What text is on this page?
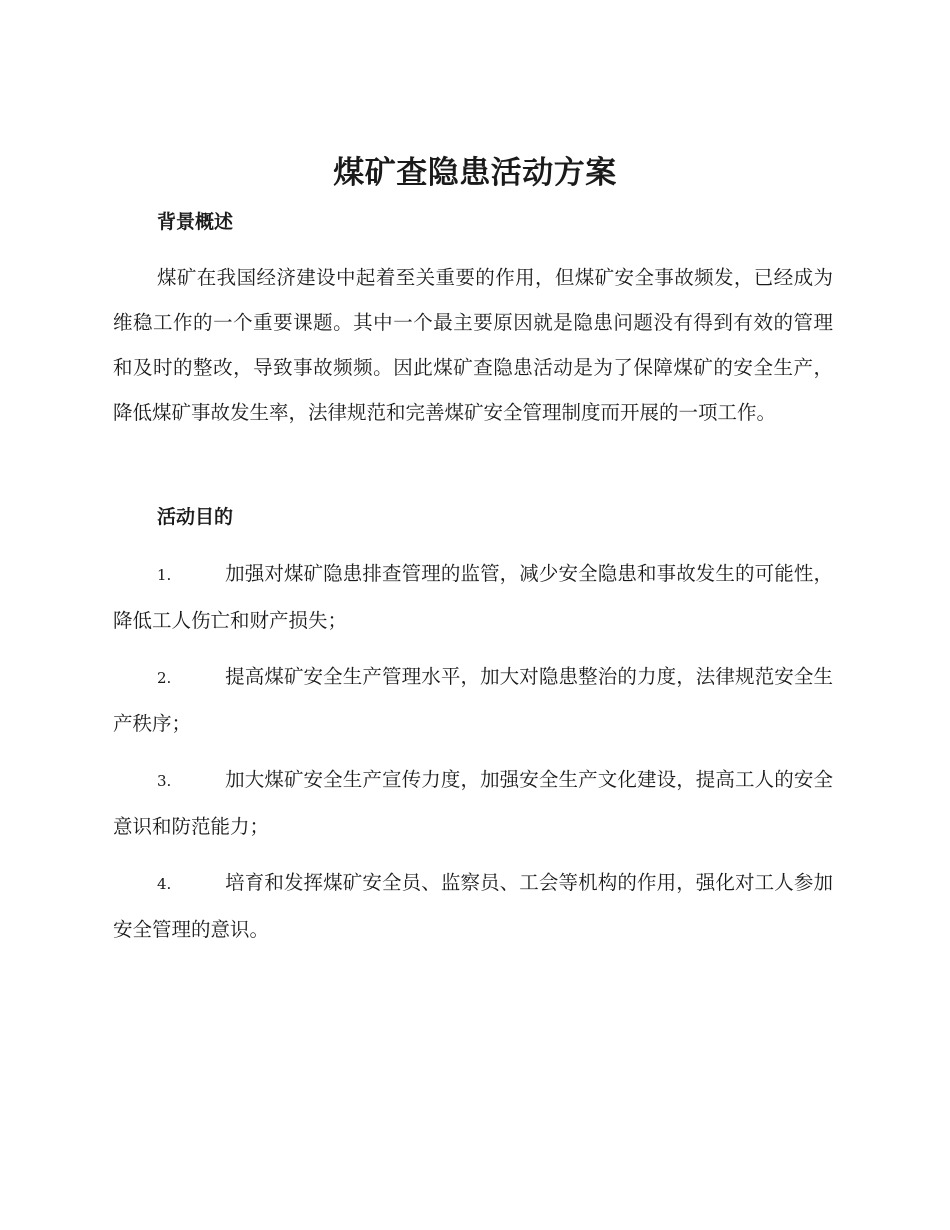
煤矿查隐患活动方案
背景概述

煤矿在我国经济建设中起着至关重要的作用，但煤矿安全事故频发，已经成为维稳工作的一个重要课题。其中一个最主要原因就是隐患问题没有得到有效的管理和及时的整改，导致事故频频。因此煤矿查隐患活动是为了保障煤矿的安全生产，降低煤矿事故发生率，法律规范和完善煤矿安全管理制度而开展的一项工作。

活动目的

1.	加强对煤矿隐患排查管理的监管，减少安全隐患和事故发生的可能性，降低工人伤亡和财产损失；

2.	提高煤矿安全生产管理水平，加大对隐患整治的力度，法律规范安全生产秩序；

3.	加大煤矿安全生产宣传力度，加强安全生产文化建设，提高工人的安全意识和防范能力；

4.	培育和发挥煤矿安全员、监察员、工会等机构的作用，强化对工人参加安全管理的意识。
